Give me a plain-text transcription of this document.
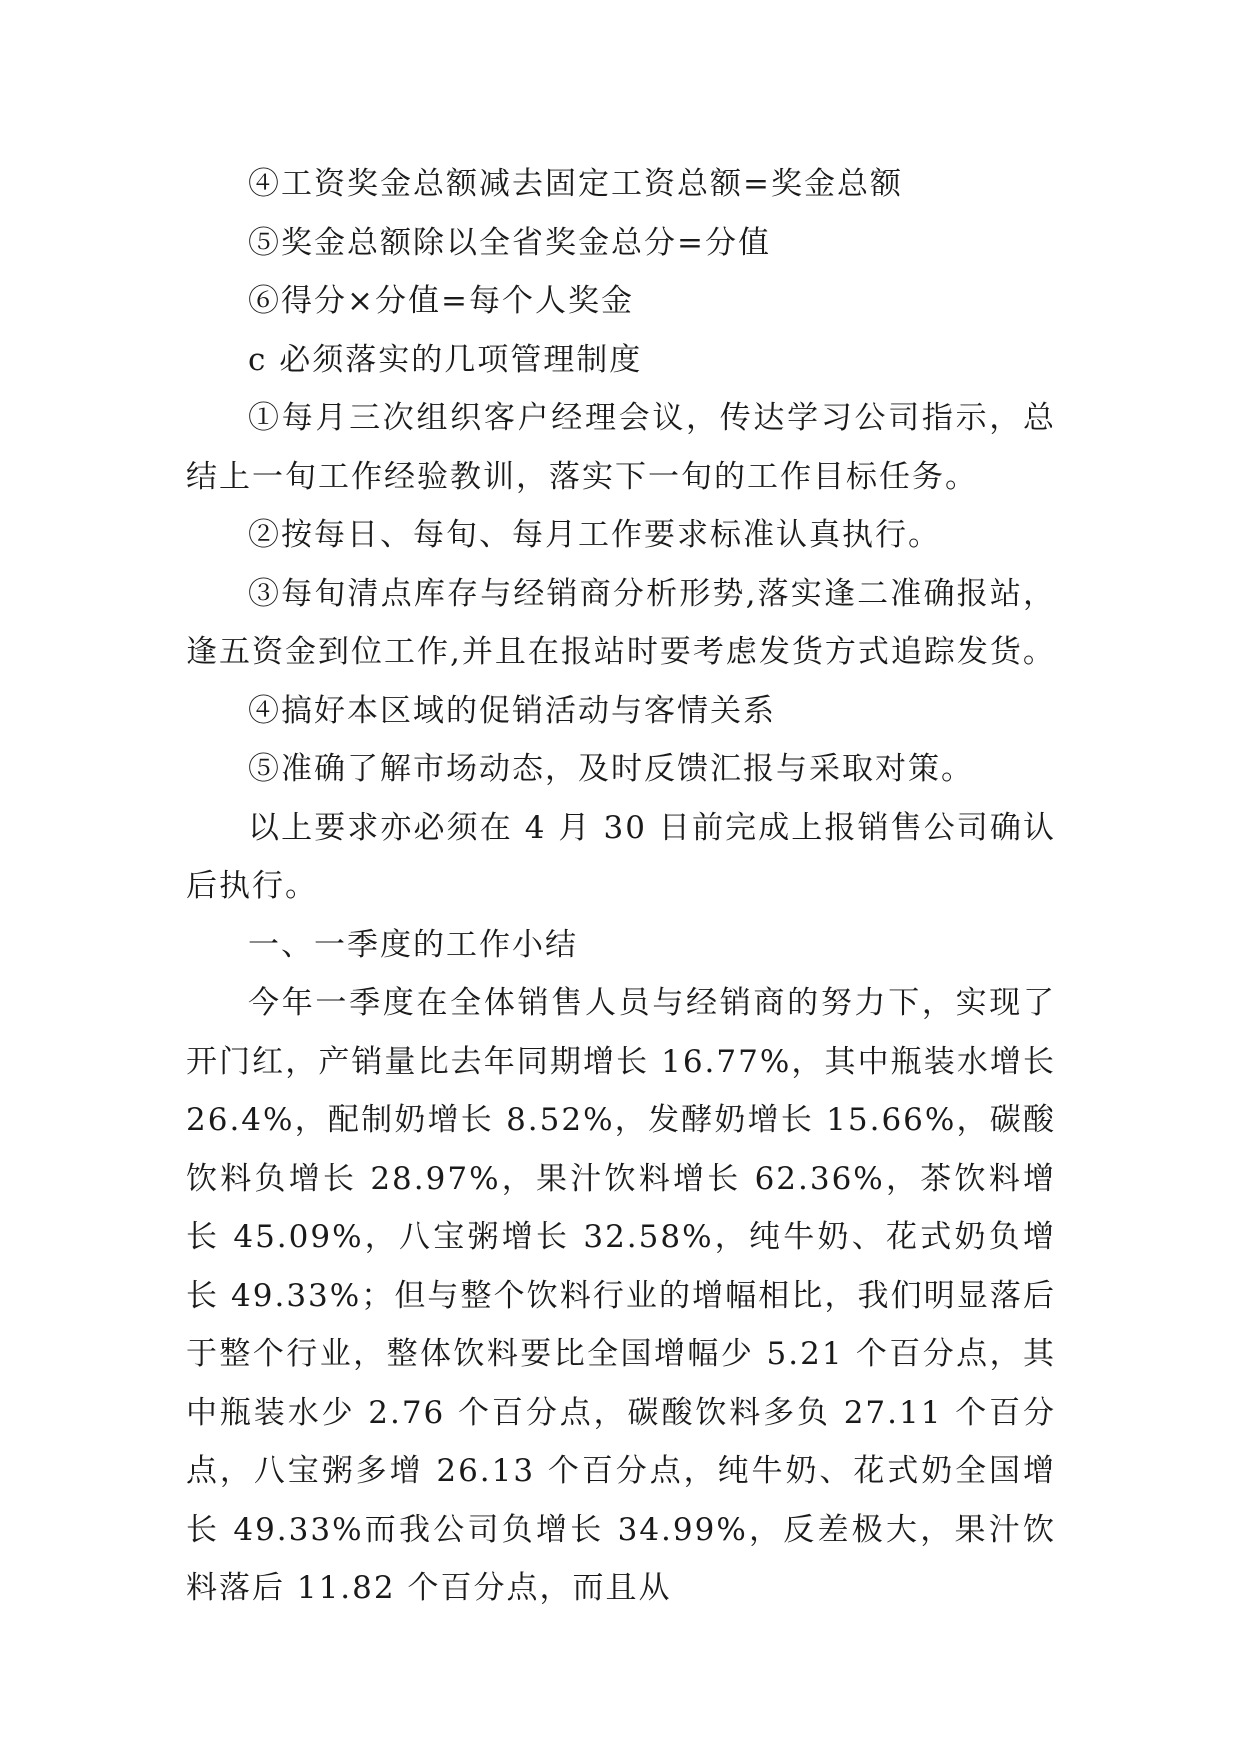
④工资奖金总额减去固定工资总额=奖金总额

⑤奖金总额除以全省奖金总分=分值

⑥得分×分值=每个人奖金

c 必须落实的几项管理制度

①每月三次组织客户经理会议，传达学习公司指示，总结上一旬工作经验教训，落实下一旬的工作目标任务。

②按每日、每旬、每月工作要求标准认真执行。

③每旬清点库存与经销商分析形势,落实逢二准确报站，逢五资金到位工作,并且在报站时要考虑发货方式追踪发货。

④搞好本区域的促销活动与客情关系

⑤准确了解市场动态，及时反馈汇报与采取对策。

以上要求亦必须在 4 月 30 日前完成上报销售公司确认后执行。

一、一季度的工作小结

今年一季度在全体销售人员与经销商的努力下，实现了开门红，产销量比去年同期增长 16.77%，其中瓶装水增长 26.4%，配制奶增长 8.52%，发酵奶增长 15.66%，碳酸饮料负增长 28.97%，果汁饮料增长 62.36%，茶饮料增长 45.09%，八宝粥增长 32.58%，纯牛奶、花式奶负增长 49.33%；但与整个饮料行业的增幅相比，我们明显落后于整个行业，整体饮料要比全国增幅少 5.21 个百分点，其中瓶装水少 2.76 个百分点，碳酸饮料多负 27.11 个百分点，八宝粥多增 26.13 个百分点，纯牛奶、花式奶全国增长 49.33%而我公司负增长 34.99%，反差极大，果汁饮料落后 11.82 个百分点，而且从
